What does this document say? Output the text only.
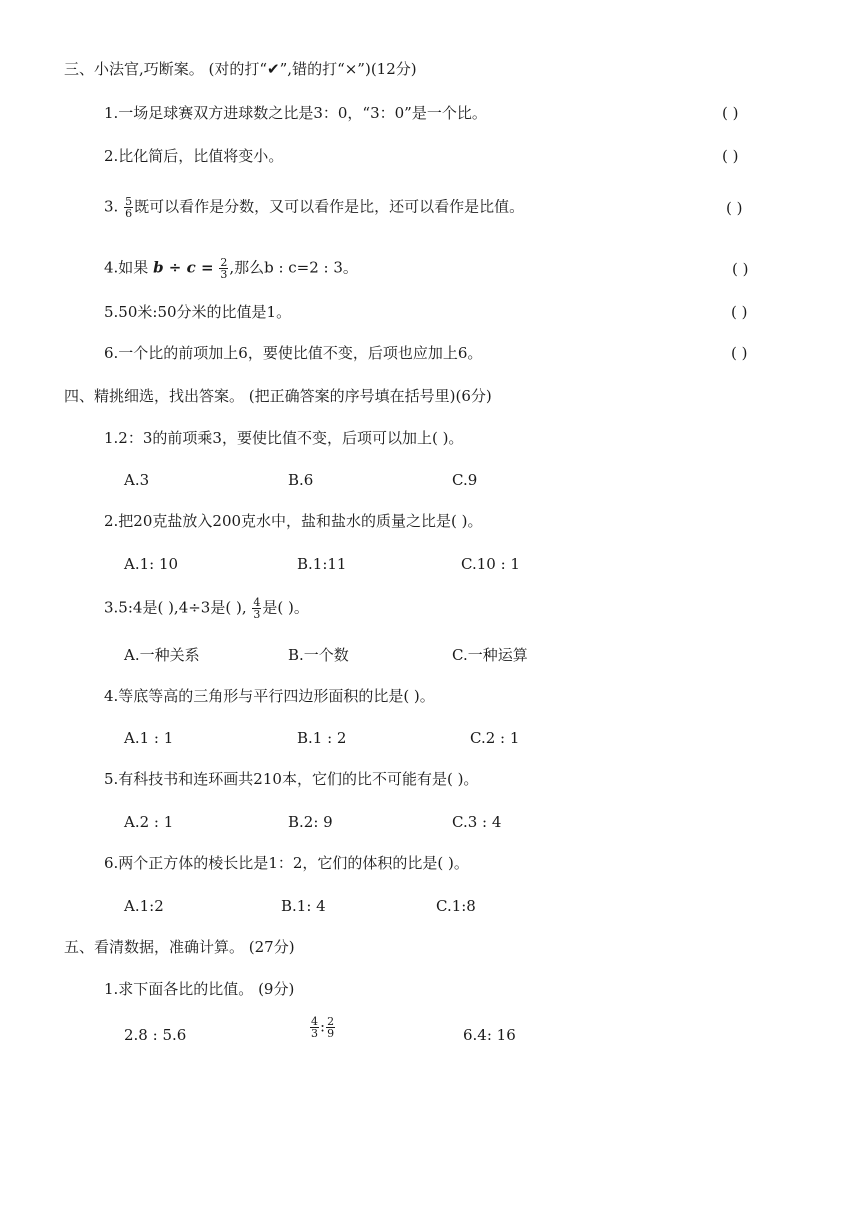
三、小法官,巧断案。 (对的打“✔”,错的打“×”)(12分)
1.一场足球赛双方进球数之比是3：0，“3：0”是一个比。	( )
2.比化简后，比值将变小。	( )
3. $\frac{5}{6}$ 既可以看作是分数，又可以看作是比，还可以看作是比值。	( )
4.如果 $b \div c = \frac{2}{3}$ ,那么b : c=2 : 3。	( )
5.50米:50分米的比值是1。	( )
6.一个比的前项加上6，要使比值不变，后项也应加上6。	( )
四、精挑细选，找出答案。 (把正确答案的序号填在括号里)(6分)
1.2：3的前项乘3，要使比值不变，后项可以加上( )。
A.3	B.6	C.9
2.把20克盐放入200克水中，盐和盐水的质量之比是( )。
A.1: 10	B.1:11	C.10 : 1
3.5:4是( ),4÷3是( ), $\frac{4}{3}$ 是( )。
A.一种关系	B.一个数	C.一种运算
4.等底等高的三角形与平行四边形面积的比是( )。
A.1 : 1	B.1 : 2	C.2 : 1
5.有科技书和连环画共210本，它们的比不可能有是( )。
A.2 : 1	B.2: 9	C.3 : 4
6.两个正方体的棱长比是1：2，它们的体积的比是( )。
A.1:2	B.1: 4	C.1:8
五、看清数据，准确计算。 (27分)
1.求下面各比的比值。 (9分)
2.8 : 5.6	$\frac{4}{3}$ : $\frac{2}{9}$	6.4: 16
